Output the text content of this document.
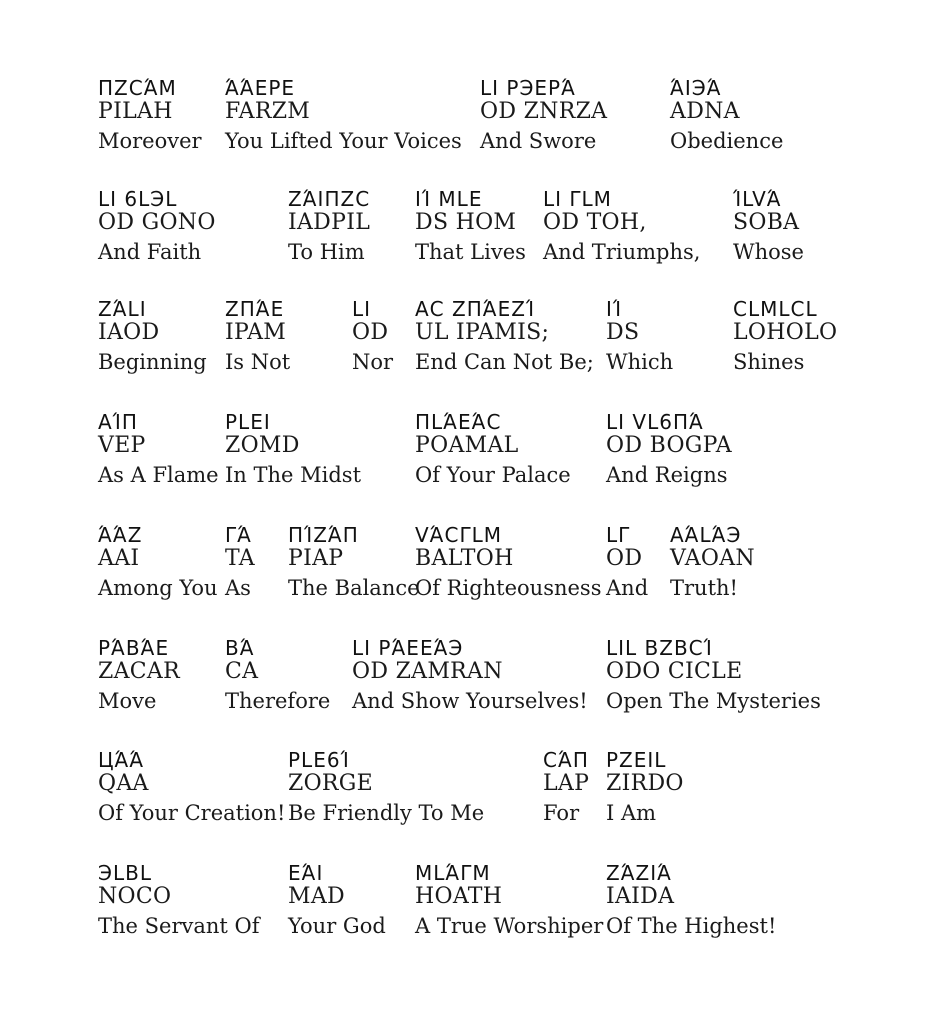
ΠΖCΆΜ
PILAH
Moreover
ΆΆΕΡΕ
FARZM
You Lifted Your Voices
LΙ ΡЭΕΡΆ
OD ZNRZA
And Swore
ΆΙЭΆ
ADNA
Obedience
LΙ 6LЭL
OD GONO
And Faith
ΖΆΙΠΖC
IADPIL
To Him
ΙΊ ΜLΕ
DS HOM
That Lives
LΙ ΓLΜ
OD TOH,
And Triumphs,
ΊLVΆ
SOBA
Whose
ΖΆLΙ
IAOD
Beginning
ΖΠΆΕ
IPAM
Is Not
LΙ
OD
Nor
ΑC ΖΠΆΕΖΊ
UL IPAMIS;
End Can Not Be;
ΙΊ
DS
Which
CLΜLCL
LOHOLO
Shines
ΑΊΠ
VEP
As A Flame
ΡLΕΙ
ZOMD
In The Midst
ΠLΆΕΆC
POAMAL
Of Your Palace
LΙ VL6ΠΆ
OD BOGPA
And Reigns
ΆΆΖ
AAI
Among You
ΓΆ
TA
As
ΠΊΖΆΠ
PIAP
The Balance
VΆCΓLΜ
BALTOH
Of Righteousness
LΓ
OD
And
ΑΆLΆЭ
VAOAN
Truth!
ΡΆΒΆΕ
ZACAR
Move
ΒΆ
CA
Therefore
LΙ ΡΆΕΕΆЭ
OD ZAMRAN
And Show Yourselves!
LΙL ΒΖΒCΊ
ODO CICLE
Open The Mysteries
ЦΆΆ
QAA
Of Your Creation!
ΡLΕ6Ί
ZORGE
Be Friendly To Me
CΆΠ
LAP
For
ΡΖΕΙL
ZIRDO
I Am
ЭLΒL
NOCO
The Servant Of
ΕΆΙ
MAD
Your God
ΜLΆΓΜ
HOATH
A True Worshiper
ΖΆΖΙΆ
IAIDA
Of The Highest!
